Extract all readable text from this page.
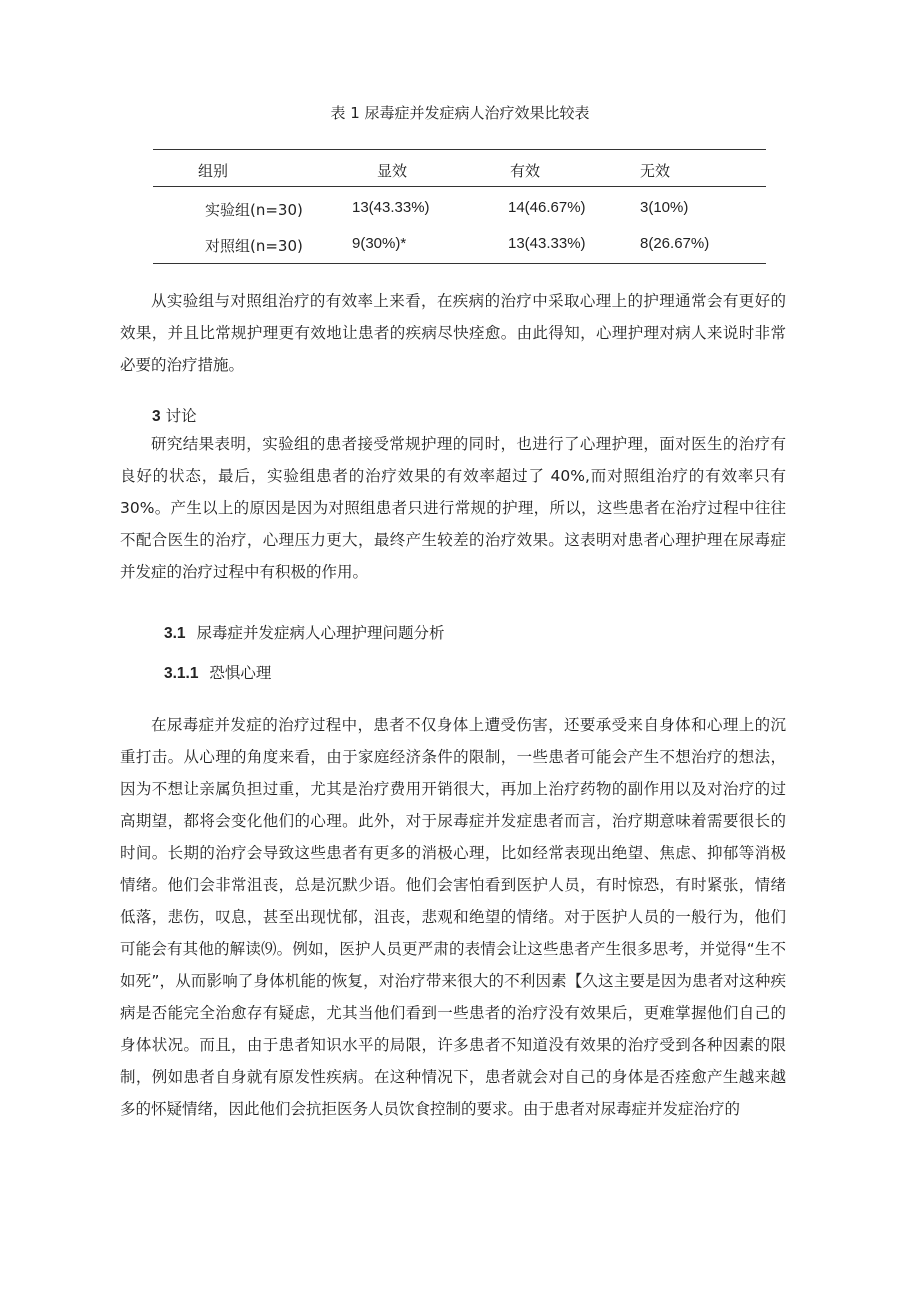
表 1 尿毒症并发症病人治疗效果比较表
组别	显效	有效	无效
实验组(n=30)	13(43.33%)	14(46.67%)	3(10%)
对照组(n=30)	9(30%)*	13(43.33%)	8(26.67%)

从实验组与对照组治疗的有效率上来看，在疾病的治疗中采取心理上的护理通常会有更好的效果，并且比常规护理更有效地让患者的疾病尽快痊愈。由此得知，心理护理对病人来说时非常必要的治疗措施。

3 讨论

研究结果表明，实验组的患者接受常规护理的同时，也进行了心理护理，面对医生的治疗有良好的状态，最后，实验组患者的治疗效果的有效率超过了 40%,而对照组治疗的有效率只有 30%。产生以上的原因是因为对照组患者只进行常规的护理，所以，这些患者在治疗过程中往往不配合医生的治疗，心理压力更大，最终产生较差的治疗效果。这表明对患者心理护理在尿毒症并发症的治疗过程中有积极的作用。

3.1 尿毒症并发症病人心理护理问题分析
3.1.1 恐惧心理

在尿毒症并发症的治疗过程中，患者不仅身体上遭受伤害，还要承受来自身体和心理上的沉重打击。从心理的角度来看，由于家庭经济条件的限制，一些患者可能会产生不想治疗的想法，因为不想让亲属负担过重，尤其是治疗费用开销很大，再加上治疗药物的副作用以及对治疗的过高期望，都将会变化他们的心理。此外，对于尿毒症并发症患者而言，治疗期意味着需要很长的时间。长期的治疗会导致这些患者有更多的消极心理，比如经常表现出绝望、焦虑、抑郁等消极情绪。他们会非常沮丧，总是沉默少语。他们会害怕看到医护人员，有时惊恐，有时紧张，情绪低落，悲伤，叹息，甚至出现忧郁，沮丧，悲观和绝望的情绪。对于医护人员的一般行为，他们可能会有其他的解读⑼。例如，医护人员更严肃的表情会让这些患者产生很多思考，并觉得“生不如死”，从而影响了身体机能的恢复，对治疗带来很大的不利因素【久这主要是因为患者对这种疾病是否能完全治愈存有疑虑，尤其当他们看到一些患者的治疗没有效果后，更难掌握他们自己的身体状况。而且，由于患者知识水平的局限，许多患者不知道没有效果的治疗受到各种因素的限制，例如患者自身就有原发性疾病。在这种情况下，患者就会对自己的身体是否痊愈产生越来越多的怀疑情绪，因此他们会抗拒医务人员饮食控制的要求。由于患者对尿毒症并发症治疗的
